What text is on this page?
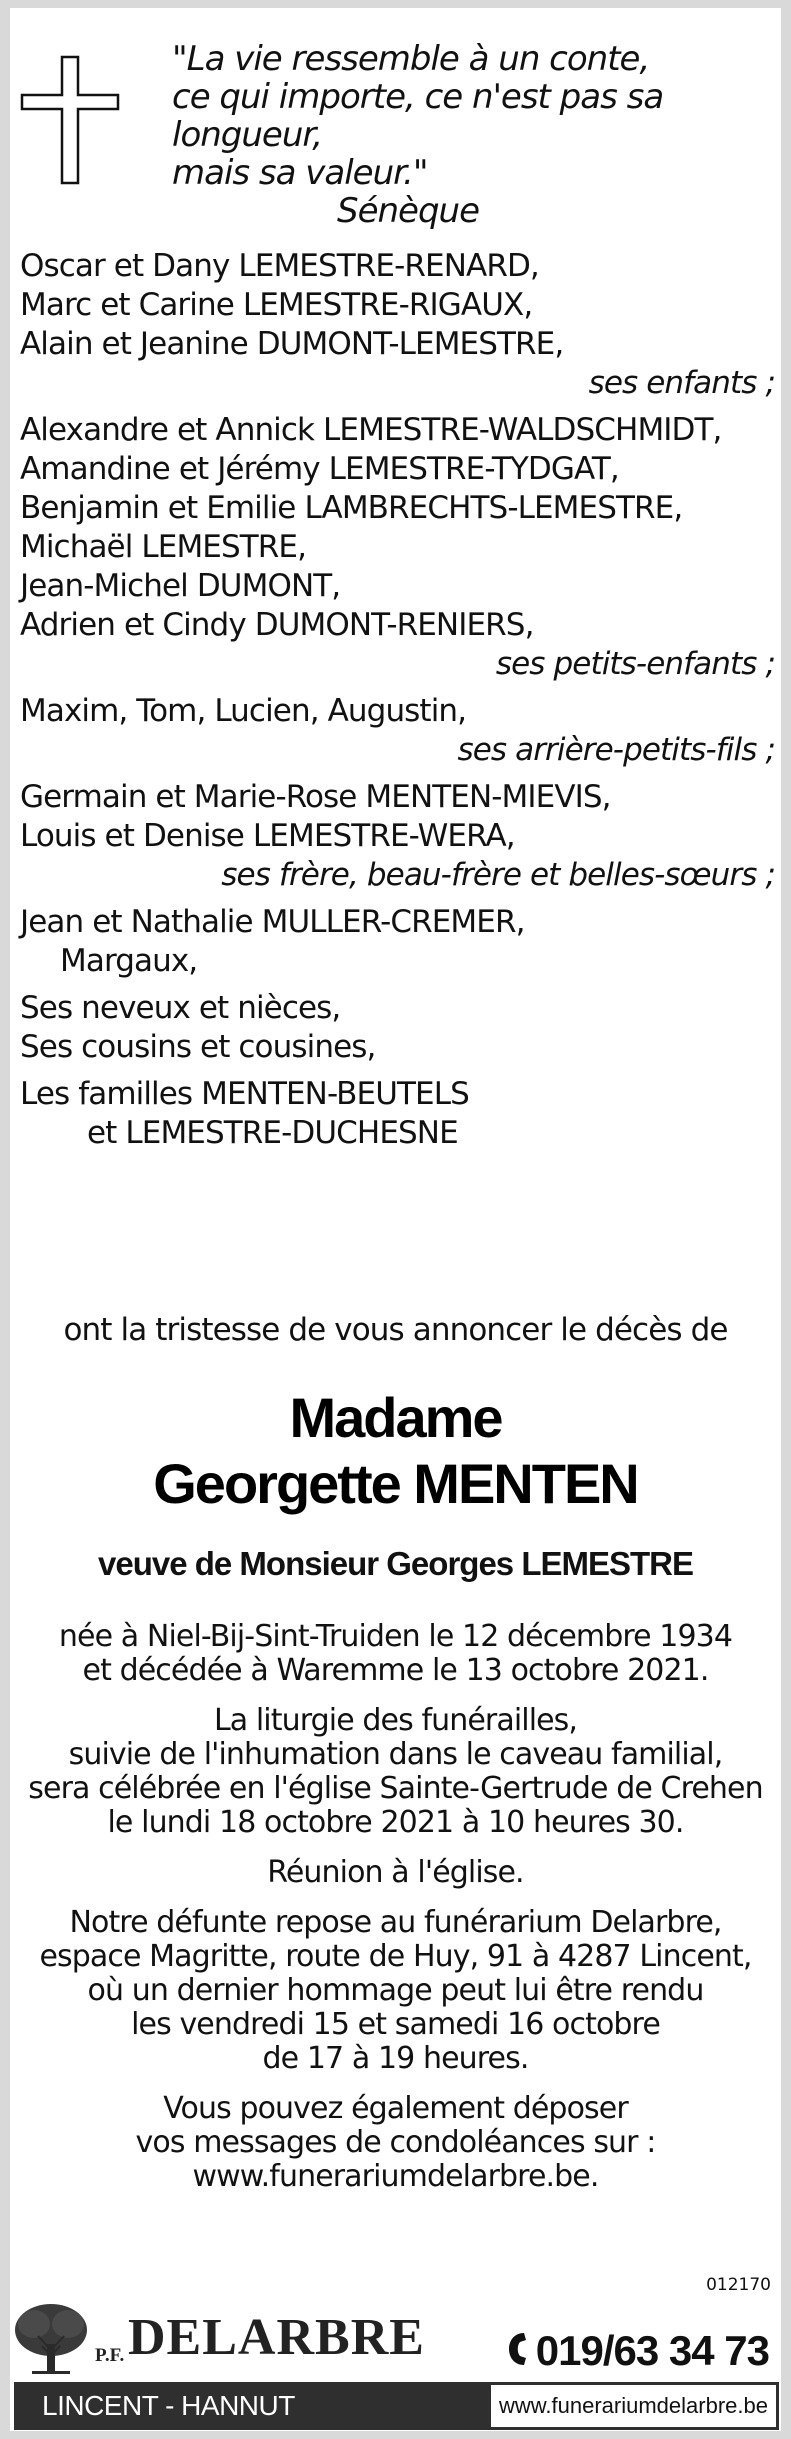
"La vie ressemble à un conte,
ce qui importe, ce n'est pas sa longueur,
mais sa valeur."
Sénèque
Oscar et Dany LEMESTRE-RENARD,
Marc et Carine LEMESTRE-RIGAUX,
Alain et Jeanine DUMONT-LEMESTRE,
ses enfants ;
Alexandre et Annick LEMESTRE-WALDSCHMIDT,
Amandine et Jérémy LEMESTRE-TYDGAT,
Benjamin et Emilie LAMBRECHTS-LEMESTRE,
Michaël LEMESTRE,
Jean-Michel DUMONT,
Adrien et Cindy DUMONT-RENIERS,
ses petits-enfants ;
Maxim, Tom, Lucien, Augustin,
ses arrière-petits-fils ;
Germain et Marie-Rose MENTEN-MIEVIS,
Louis et Denise LEMESTRE-WERA,
ses frère, beau-frère et belles-sœurs ;
Jean et Nathalie MULLER-CREMER,
Margaux,
Ses neveux et nièces,
Ses cousins et cousines,
Les familles MENTEN-BEUTELS
et LEMESTRE-DUCHESNE
ont la tristesse de vous annoncer le décès de
Madame
Georgette MENTEN
veuve de Monsieur Georges LEMESTRE
née à Niel-Bij-Sint-Truiden le 12 décembre 1934
et décédée à Waremme le 13 octobre 2021.
La liturgie des funérailles,
suivie de l'inhumation dans le caveau familial,
sera célébrée en l'église Sainte-Gertrude de Crehen
le lundi 18 octobre 2021 à 10 heures 30.
Réunion à l'église.
Notre défunte repose au funérarium Delarbre,
espace Magritte, route de Huy, 91 à 4287 Lincent,
où un dernier hommage peut lui être rendu
les vendredi 15 et samedi 16 octobre
de 17 à 19 heures.
Vous pouvez également déposer
vos messages de condoléances sur :
www.funerariumdelarbre.be.
012170
P.F. DELARBRE	019/63 34 73
LINCENT - HANNUT	www.funerariumdelarbre.be
